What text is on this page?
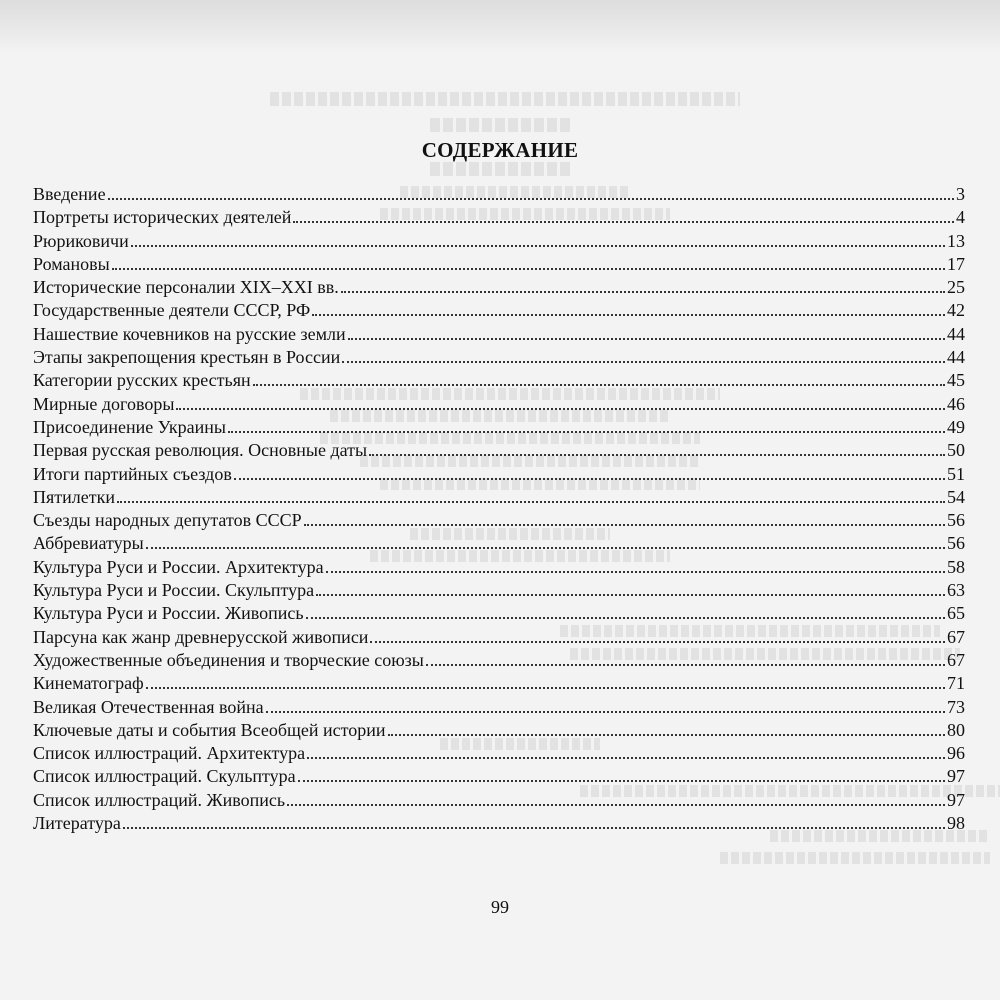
СОДЕРЖАНИЕ
Введение	3
Портреты исторических деятелей	4
Рюриковичи	13
Романовы	17
Исторические персоналии XIX–XXI вв.	25
Государственные деятели СССР, РФ	42
Нашествие кочевников на русские земли	44
Этапы закрепощения крестьян в России	44
Категории русских крестьян	45
Мирные договоры	46
Присоединение Украины	49
Первая русская революция. Основные даты	50
Итоги партийных съездов	51
Пятилетки	54
Съезды народных депутатов СССР	56
Аббревиатуры	56
Культура Руси и России. Архитектура	58
Культура Руси и России. Скульптура	63
Культура Руси и России. Живопись	65
Парсуна как жанр древнерусской живописи	67
Художественные объединения и творческие союзы	67
Кинематограф	71
Великая Отечественная война	73
Ключевые даты и события Всеобщей истории	80
Список иллюстраций. Архитектура	96
Список иллюстраций. Скульптура	97
Список иллюстраций. Живопись	97
Литература	98
99
